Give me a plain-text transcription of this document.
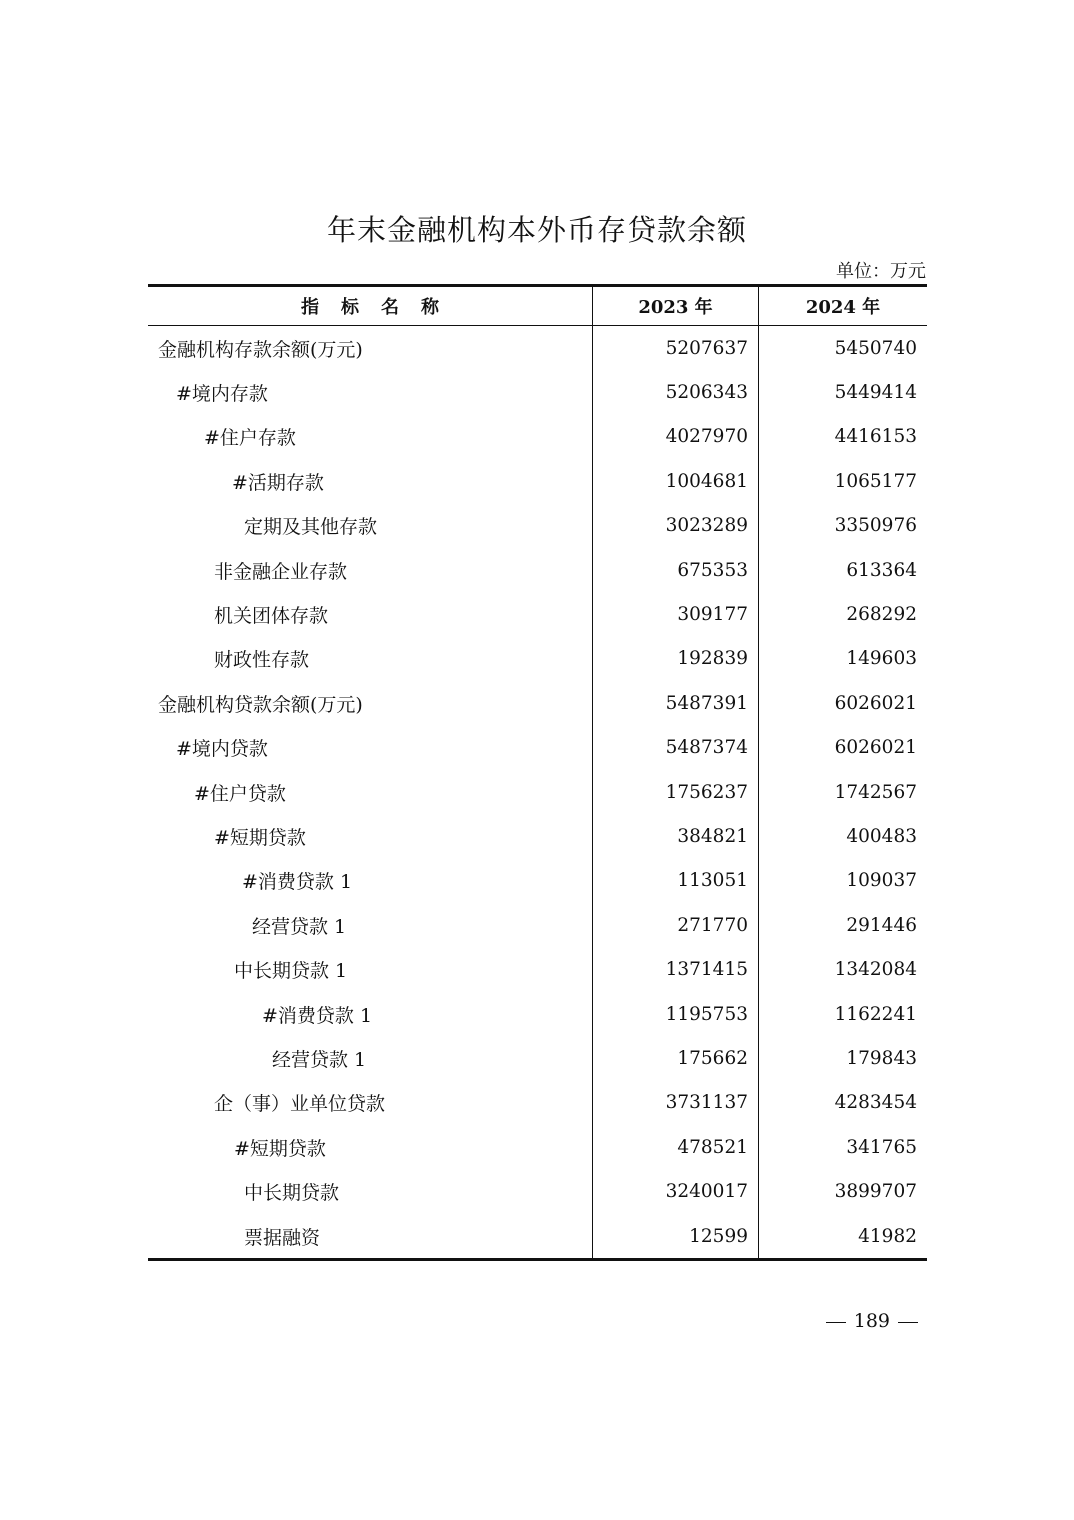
年末金融机构本外币存贷款余额
单位：万元
指标名称	2023 年	2024 年
金融机构存款余额(万元)	5207637	5450740
#境内存款	5206343	5449414
#住户存款	4027970	4416153
#活期存款	1004681	1065177
定期及其他存款	3023289	3350976
非金融企业存款	675353	613364
机关团体存款	309177	268292
财政性存款	192839	149603
金融机构贷款余额(万元)	5487391	6026021
#境内贷款	5487374	6026021
#住户贷款	1756237	1742567
#短期贷款	384821	400483
#消费贷款 1	113051	109037
经营贷款 1	271770	291446
中长期贷款 1	1371415	1342084
#消费贷款 1	1195753	1162241
经营贷款 1	175662	179843
企（事）业单位贷款	3731137	4283454
#短期贷款	478521	341765
中长期贷款	3240017	3899707
票据融资	12599	41982
189
